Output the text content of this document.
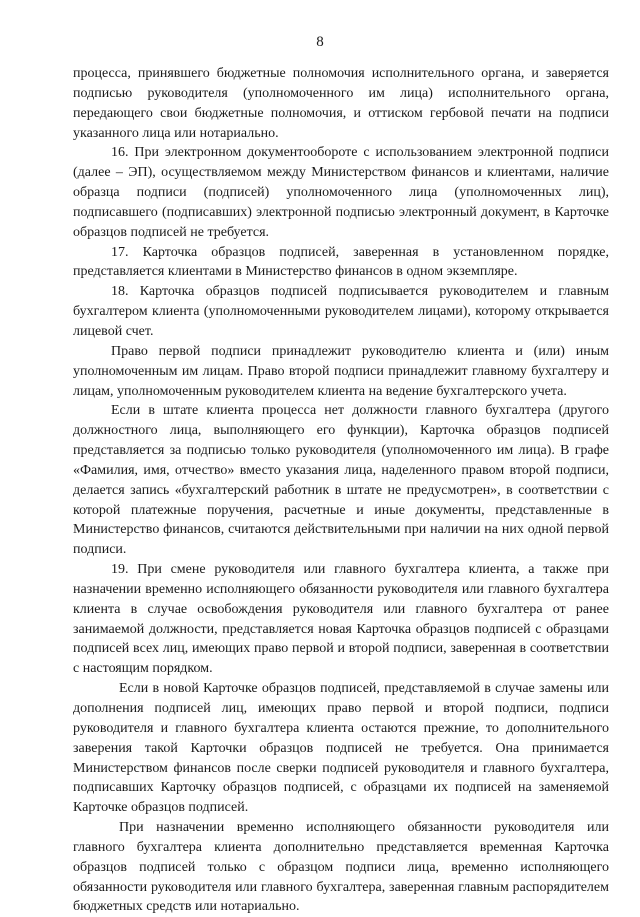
8

процесса, принявшего бюджетные полномочия исполнительного органа, и заверяется подписью руководителя (уполномоченного им лица) исполнительного органа, передающего свои бюджетные полномочия, и оттиском гербовой печати на подписи указанного лица или нотариально.

16. При электронном документообороте с использованием электронной подписи (далее – ЭП), осуществляемом между Министерством финансов и клиентами, наличие образца подписи (подписей) уполномоченного лица (уполномоченных лиц), подписавшего (подписавших) электронной подписью электронный документ, в Карточке образцов подписей не требуется.

17. Карточка образцов подписей, заверенная в установленном порядке, представляется клиентами в Министерство финансов в одном экземпляре.

18. Карточка образцов подписей подписывается руководителем и главным бухгалтером клиента (уполномоченными руководителем лицами), которому открывается лицевой счет.

Право первой подписи принадлежит руководителю клиента и (или) иным уполномоченным им лицам. Право второй подписи принадлежит главному бухгалтеру и лицам, уполномоченным руководителем клиента на ведение бухгалтерского учета.

Если в штате клиента процесса нет должности главного бухгалтера (другого должностного лица, выполняющего его функции), Карточка образцов подписей представляется за подписью только руководителя (уполномоченного им лица). В графе «Фамилия, имя, отчество» вместо указания лица, наделенного правом второй подписи, делается запись «бухгалтерский работник в штате не предусмотрен», в соответствии с которой платежные поручения, расчетные и иные документы, представленные в Министерство финансов, считаются действительными при наличии на них одной первой подписи.

19. При смене руководителя или главного бухгалтера клиента, а также при назначении временно исполняющего обязанности руководителя или главного бухгалтера клиента в случае освобождения руководителя или главного бухгалтера от ранее занимаемой должности, представляется новая Карточка образцов подписей с образцами подписей всех лиц, имеющих право первой и второй подписи, заверенная в соответствии с настоящим порядком.

Если в новой Карточке образцов подписей, представляемой в случае замены или дополнения подписей лиц, имеющих право первой и второй подписи, подписи руководителя и главного бухгалтера клиента остаются прежние, то дополнительного заверения такой Карточки образцов подписей не требуется. Она принимается Министерством финансов после сверки подписей руководителя и главного бухгалтера, подписавших Карточку образцов подписей, с образцами их подписей на заменяемой Карточке образцов подписей.

При назначении временно исполняющего обязанности руководителя или главного бухгалтера клиента дополнительно представляется временная Карточка образцов подписей только с образцом подписи лица, временно исполняющего обязанности руководителя или главного бухгалтера, заверенная главным распорядителем бюджетных средств или нотариально.
